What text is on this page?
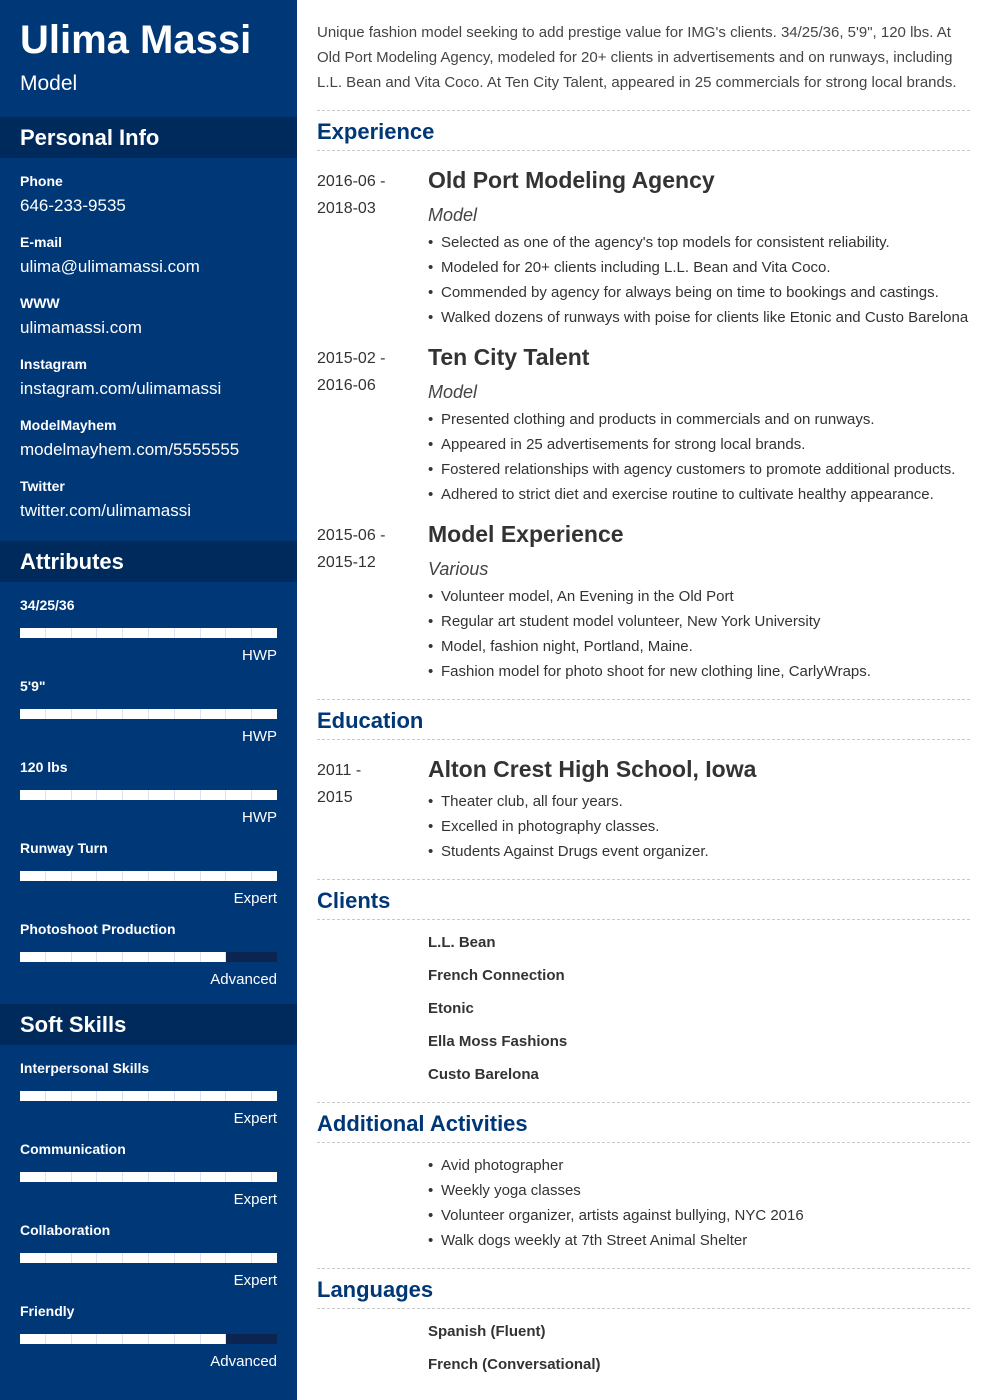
Ulima Massi
Model
Personal Info
Phone
646-233-9535
E-mail
ulima@ulimamassi.com
WWW
ulimamassi.com
Instagram
instagram.com/ulimamassi
ModelMayhem
modelmayhem.com/5555555
Twitter
twitter.com/ulimamassi
Attributes
34/25/36
HWP
5'9"
HWP
120 lbs
HWP
Runway Turn
Expert
Photoshoot Production
Advanced
Soft Skills
Interpersonal Skills
Expert
Communication
Expert
Collaboration
Expert
Friendly
Advanced
Unique fashion model seeking to add prestige value for IMG's clients. 34/25/36, 5'9", 120 lbs. At Old Port Modeling Agency, modeled for 20+ clients in advertisements and on runways, including L.L. Bean and Vita Coco. At Ten City Talent, appeared in 25 commercials for strong local brands.
Experience
2016-06 -
2018-03
Old Port Modeling Agency
Model
• Selected as one of the agency's top models for consistent reliability.
• Modeled for 20+ clients including L.L. Bean and Vita Coco.
• Commended by agency for always being on time to bookings and castings.
• Walked dozens of runways with poise for clients like Etonic and Custo Barelona
2015-02 -
2016-06
Ten City Talent
Model
• Presented clothing and products in commercials and on runways.
• Appeared in 25 advertisements for strong local brands.
• Fostered relationships with agency customers to promote additional products.
• Adhered to strict diet and exercise routine to cultivate healthy appearance.
2015-06 -
2015-12
Model Experience
Various
• Volunteer model, An Evening in the Old Port
• Regular art student model volunteer, New York University
• Model, fashion night, Portland, Maine.
• Fashion model for photo shoot for new clothing line, CarlyWraps.
Education
2011 -
2015
Alton Crest High School, Iowa
• Theater club, all four years.
• Excelled in photography classes.
• Students Against Drugs event organizer.
Clients
L.L. Bean
French Connection
Etonic
Ella Moss Fashions
Custo Barelona
Additional Activities
• Avid photographer
• Weekly yoga classes
• Volunteer organizer, artists against bullying, NYC 2016
• Walk dogs weekly at 7th Street Animal Shelter
Languages
Spanish (Fluent)
French (Conversational)
